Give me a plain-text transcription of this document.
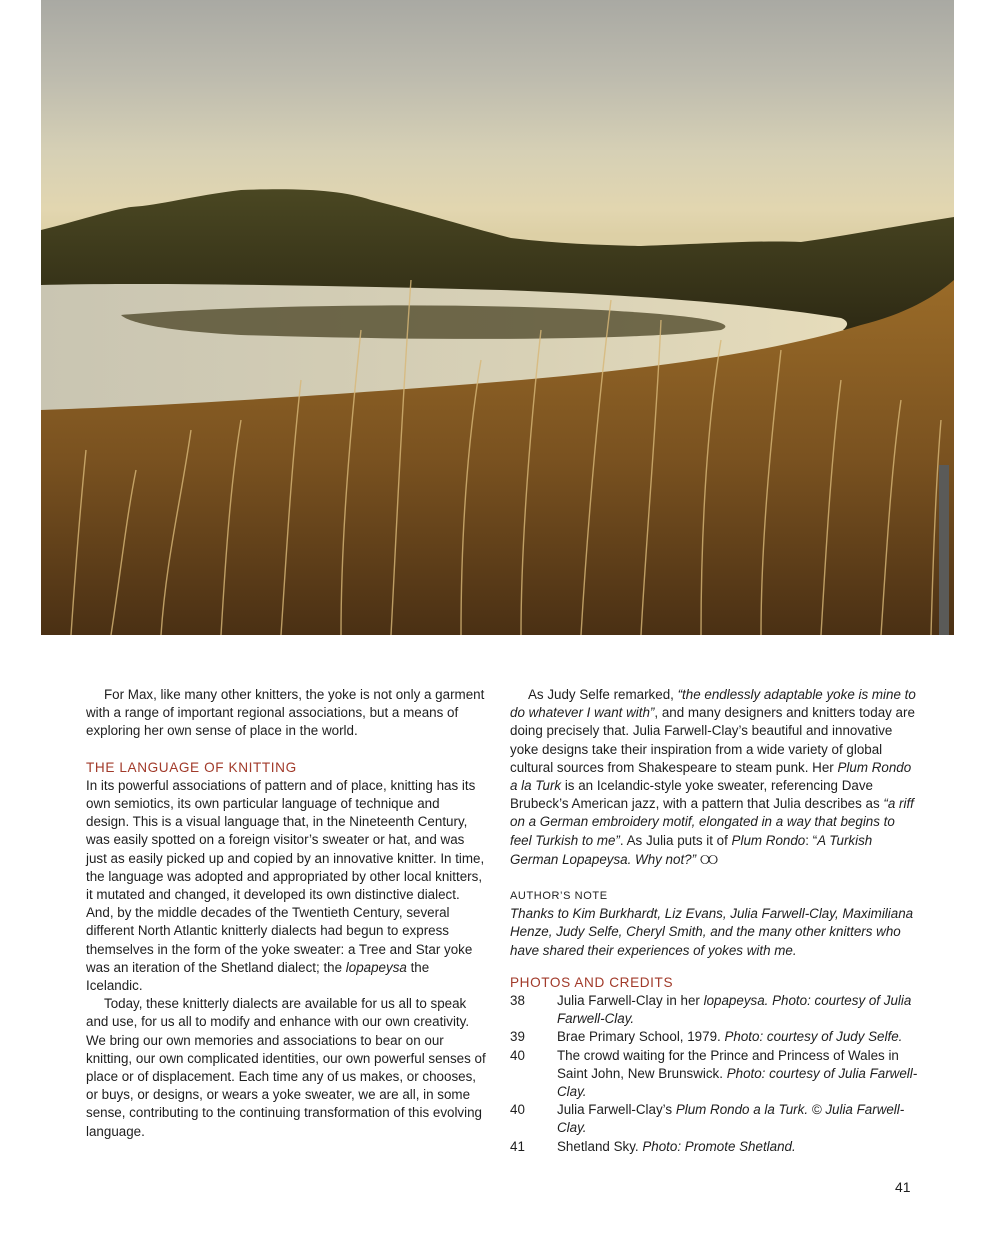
For Max, like many other knitters, the yoke is not only a garment with a range of important regional associations, but a means of exploring her own sense of place in the world.

THE LANGUAGE OF KNITTING

In its powerful associations of pattern and of place, knitting has its own semiotics, its own particular language of technique and design. This is a visual language that, in the Nineteenth Century, was easily spotted on a foreign visitor’s sweater or hat, and was just as easily picked up and copied by an innovative knitter. In time, the language was adopted and appropriated by other local knitters, it mutated and changed, it developed its own distinctive dialect. And, by the middle decades of the Twentieth Century, several different North Atlantic knitterly dialects had begun to express themselves in the form of the yoke sweater: a Tree and Star yoke was an iteration of the Shetland dialect; the lopapeysa the Icelandic.

Today, these knitterly dialects are available for us all to speak and use, for us all to modify and enhance with our own creativity. We bring our own memories and associations to bear on our knitting, our own complicated identities, our own powerful senses of place or of displacement. Each time any of us makes, or chooses, or buys, or designs, or wears a yoke sweater, we are all, in some sense, contributing to the continuing transformation of this evolving language.

As Judy Selfe remarked, “the endlessly adaptable yoke is mine to do whatever I want with”, and many designers and knitters today are doing precisely that. Julia Farwell-Clay’s beautiful and innovative yoke designs take their inspiration from a wide variety of global cultural sources from Shakespeare to steam punk. Her Plum Rondo a la Turk is an Icelandic-style yoke sweater, referencing Dave Brubeck’s American jazz, with a pattern that Julia describes as “a riff on a German embroidery motif, elongated in a way that begins to feel Turkish to me”. As Julia puts it of Plum Rondo: “A Turkish German Lopapeysa. Why not?” ୦୦

AUTHOR’S NOTE

Thanks to Kim Burkhardt, Liz Evans, Julia Farwell-Clay, Maximiliana Henze, Judy Selfe, Cheryl Smith, and the many other knitters who have shared their experiences of yokes with me.

PHOTOS AND CREDITS
38	Julia Farwell-Clay in her lopapeysa. Photo: courtesy of Julia Farwell-Clay.
39	Brae Primary School, 1979. Photo: courtesy of Judy Selfe.
40	The crowd waiting for the Prince and Princess of Wales in Saint John, New Brunswick. Photo: courtesy of Julia Farwell-Clay.
40	Julia Farwell-Clay’s Plum Rondo a la Turk. © Julia Farwell-Clay.
41	Shetland Sky. Photo: Promote Shetland.
41
